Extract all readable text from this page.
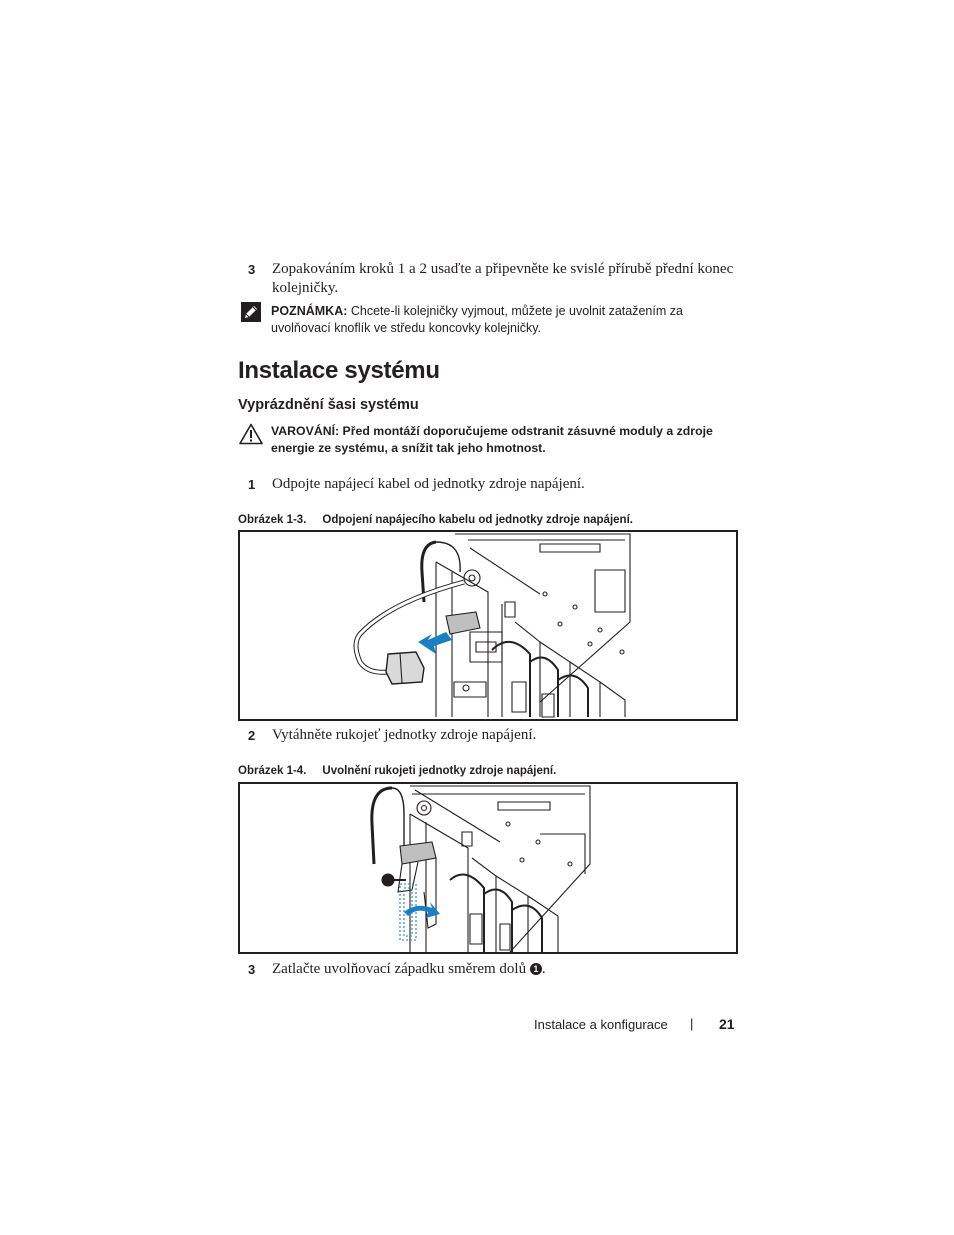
3 Zopakováním kroků 1 a 2 usaďte a připevněte ke svislé přírubě přední konec kolejničky.
POZNÁMKA: Chcete-li kolejničky vyjmout, můžete je uvolnit zatažením za uvolňovací knoflík ve středu koncovky kolejničky.
Instalace systému
Vyprázdnění šasi systému
VAROVÁNÍ: Před montáží doporučujeme odstranit zásuvné moduly a zdroje energie ze systému, a snížit tak jeho hmotnost.
1 Odpojte napájecí kabel od jednotky zdroje napájení.
Obrázek 1-3. Odpojení napájecího kabelu od jednotky zdroje napájení.
2 Vytáhněte rukojeť jednotky zdroje napájení.
Obrázek 1-4. Uvolnění rukojeti jednotky zdroje napájení.
3 Zatlačte uvolňovací západku směrem dolů 1 .
Instalace a konfigurace | 21
